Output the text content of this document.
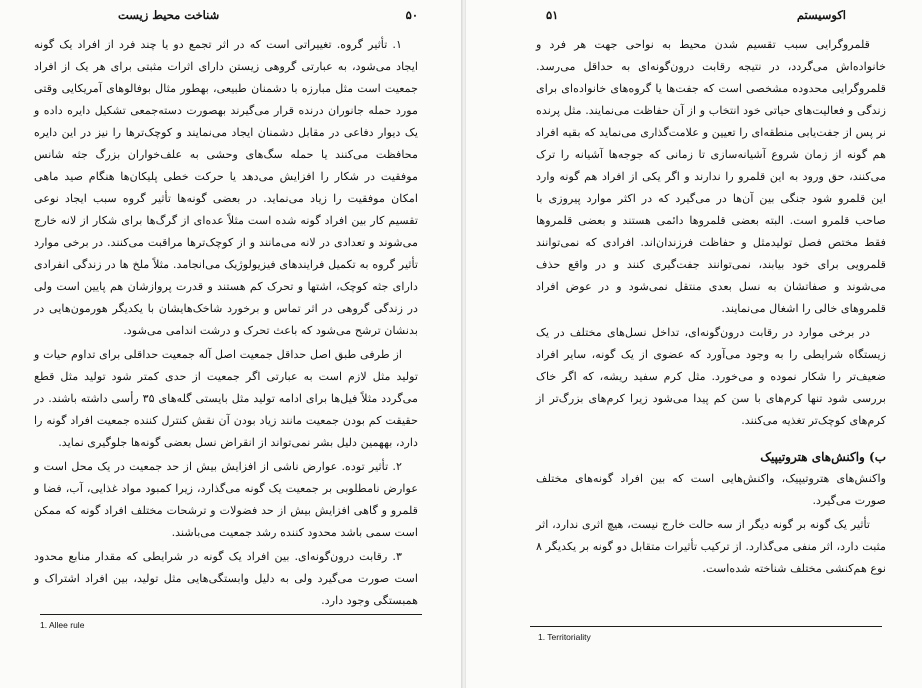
۵۰
شناخت محیط زیست

۱. تأثیر گروه. تغییراتی است که در اثر تجمع دو یا چند فرد از افراد یک گونه ایجاد می‌شود، به عبارتی گروهی زیستن دارای اثرات مثبتی برای هر یک از افراد جمعیت است مثل مبارزه با دشمنان طبیعی، بهطور مثال بوفالوهای آمریکایی وقتی مورد حمله جانوران درنده قرار می‌گیرند بهصورت دسته‌جمعی تشکیل دایره داده و یک دیوار دفاعی در مقابل دشمنان ایجاد می‌نمایند و کوچک‌ترها را نیز در این دایره محافظت می‌کنند یا حمله سگ‌های وحشی به علف‌خواران بزرگ جثه شانس موفقیت در شکار را افزایش می‌دهد یا حرکت خطی پلیکان‌ها هنگام صید ماهی امکان موفقیت را زیاد می‌نماید. در بعضی گونه‌ها تأثیر گروه سبب ایجاد نوعی تقسیم کار بین افراد گونه شده است مثلاً عده‌ای از گرگ‌ها برای شکار از لانه خارج می‌شوند و تعدادی در لانه می‌مانند و از کوچک‌ترها مراقبت می‌کنند. در برخی موارد تأثیر گروه به تکمیل فرایندهای فیزیولوژیک می‌انجامد. مثلاً ملخ ها در زندگی انفرادی دارای جثه کوچک، اشتها و تحرک کم هستند و قدرت پروازشان هم پایین است ولی در زندگی گروهی در اثر تماس و برخورد شاخک‌هایشان با یکدیگر هورمون‌هایی در بدنشان ترشح می‌شود که باعث تحرک و درشت اندامی می‌شود.

از طرفی طبق اصل حداقل جمعیت اصل آله جمعیت حداقلی برای تداوم حیات و تولید مثل لازم است به عبارتی اگر جمعیت از حدی کمتر شود تولید مثل قطع می‌گردد مثلاً فیل‌ها برای ادامه تولید مثل بایستی گله‌های ۳۵ رأسی داشته باشند. در حقیقت کم بودن جمعیت مانند زیاد بودن آن نقش کنترل کننده جمعیت افراد گونه را دارد، بههمین دلیل بشر نمی‌تواند از انقراض نسل بعضی گونه‌ها جلوگیری نماید.

۲. تأثیر توده. عوارض ناشی از افزایش بیش از حد جمعیت در یک محل است و عوارض نامطلوبی بر جمعیت یک گونه می‌گذارد، زیرا کمبود مواد غذایی، آب، فضا و قلمرو و گاهی افزایش بیش از حد فضولات و ترشحات مختلف افراد گونه که ممکن است سمی باشد محدود کننده رشد جمعیت می‌باشند.

۳. رقابت درون‌گونه‌ای. بین افراد یک گونه در شرایطی که مقدار منابع محدود است صورت می‌گیرد ولی به دلیل وابستگی‌هایی مثل تولید، بین افراد اشتراک و همبستگی وجود دارد.

1. Allee rule
اکوسیستم
۵۱

قلمروگرایی سبب تقسیم شدن محیط به نواحی جهت هر فرد و خانواده‌اش می‌گردد، در نتیجه رقابت درون‌گونه‌ای به حداقل می‌رسد. قلمروگرایی محدوده مشخصی است که جفت‌ها یا گروه‌های خانواده‌ای برای زندگی و فعالیت‌های حیاتی خود انتخاب و از آن حفاظت می‌نمایند. مثل پرنده نر پس از جفت‌یابی منطقه‌ای را تعیین و علامت‌گذاری می‌نماید که بقیه افراد هم گونه از زمان شروع آشیانه‌سازی تا زمانی که جوجه‌ها آشیانه را ترک می‌کنند، حق ورود به این قلمرو را ندارند و اگر یکی از افراد هم گونه وارد این قلمرو شود جنگی بین آن‌ها در می‌گیرد که در اکثر موارد پیروزی با صاحب قلمرو است. البته بعضی قلمروها دائمی هستند و بعضی قلمروها فقط مختص فصل تولیدمثل و حفاظت فرزندان‌اند. افرادی که نمی‌توانند قلمرویی برای خود بیابند، نمی‌توانند جفت‌گیری کنند و در واقع حذف می‌شوند و صفاتشان به نسل بعدی منتقل نمی‌شود و در عوض افراد قلمروهای خالی را اشغال می‌نمایند.

در برخی موارد در رقابت درون‌گونه‌ای، تداخل نسل‌های مختلف در یک زیستگاه شرایطی را به وجود می‌آورد که عضوی از یک گونه، سایر افراد ضعیف‌تر را شکار نموده و می‌خورد. مثل کرم سفید ریشه، که اگر خاک بررسی شود تنها کرم‌های با سن کم پیدا می‌شود زیرا کرم‌های بزرگ‌تر از کرم‌های کوچک‌تر تغذیه می‌کنند.

ب) واکنش‌های هتروتیپیک

واکنش‌های هتروتیپیک، واکنش‌هایی است که بین افراد گونه‌های مختلف صورت می‌گیرد.

تأثیر یک گونه بر گونه دیگر از سه حالت خارج نیست، هیچ اثری ندارد، اثر مثبت دارد، اثر منفی می‌گذارد. از ترکیب تأثیرات متقابل دو گونه بر یکدیگر ۸ نوع هم‌کنشی مختلف شناخته شده‌است.

1. Territoriality
